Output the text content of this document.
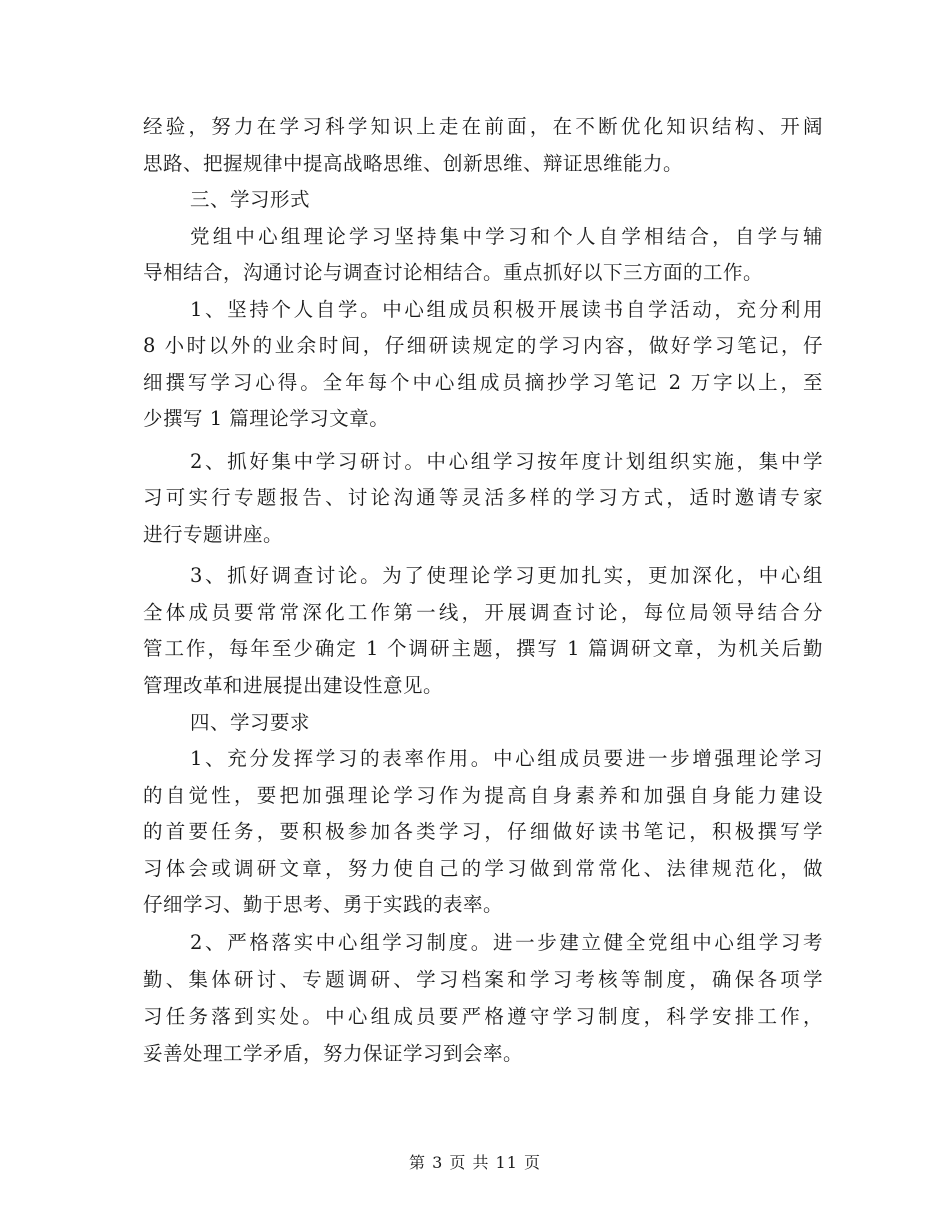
经验，努力在学习科学知识上走在前面，在不断优化知识结构、开阔
思路、把握规律中提高战略思维、创新思维、辩证思维能力。
三、学习形式
党组中心组理论学习坚持集中学习和个人自学相结合，自学与辅
导相结合，沟通讨论与调查讨论相结合。重点抓好以下三方面的工作。
1、坚持个人自学。中心组成员积极开展读书自学活动，充分利用
8 小时以外的业余时间，仔细研读规定的学习内容，做好学习笔记，仔
细撰写学习心得。全年每个中心组成员摘抄学习笔记 2 万字以上，至
少撰写 1 篇理论学习文章。
2、抓好集中学习研讨。中心组学习按年度计划组织实施，集中学
习可实行专题报告、讨论沟通等灵活多样的学习方式，适时邀请专家
进行专题讲座。
3、抓好调查讨论。为了使理论学习更加扎实，更加深化，中心组
全体成员要常常深化工作第一线，开展调查讨论，每位局领导结合分
管工作，每年至少确定 1 个调研主题，撰写 1 篇调研文章，为机关后勤
管理改革和进展提出建设性意见。
四、学习要求
1、充分发挥学习的表率作用。中心组成员要进一步增强理论学习
的自觉性，要把加强理论学习作为提高自身素养和加强自身能力建设
的首要任务，要积极参加各类学习，仔细做好读书笔记，积极撰写学
习体会或调研文章，努力使自己的学习做到常常化、法律规范化，做
仔细学习、勤于思考、勇于实践的表率。
2、严格落实中心组学习制度。进一步建立健全党组中心组学习考
勤、集体研讨、专题调研、学习档案和学习考核等制度，确保各项学
习任务落到实处。中心组成员要严格遵守学习制度，科学安排工作，
妥善处理工学矛盾，努力保证学习到会率。
第 3 页 共 11 页
